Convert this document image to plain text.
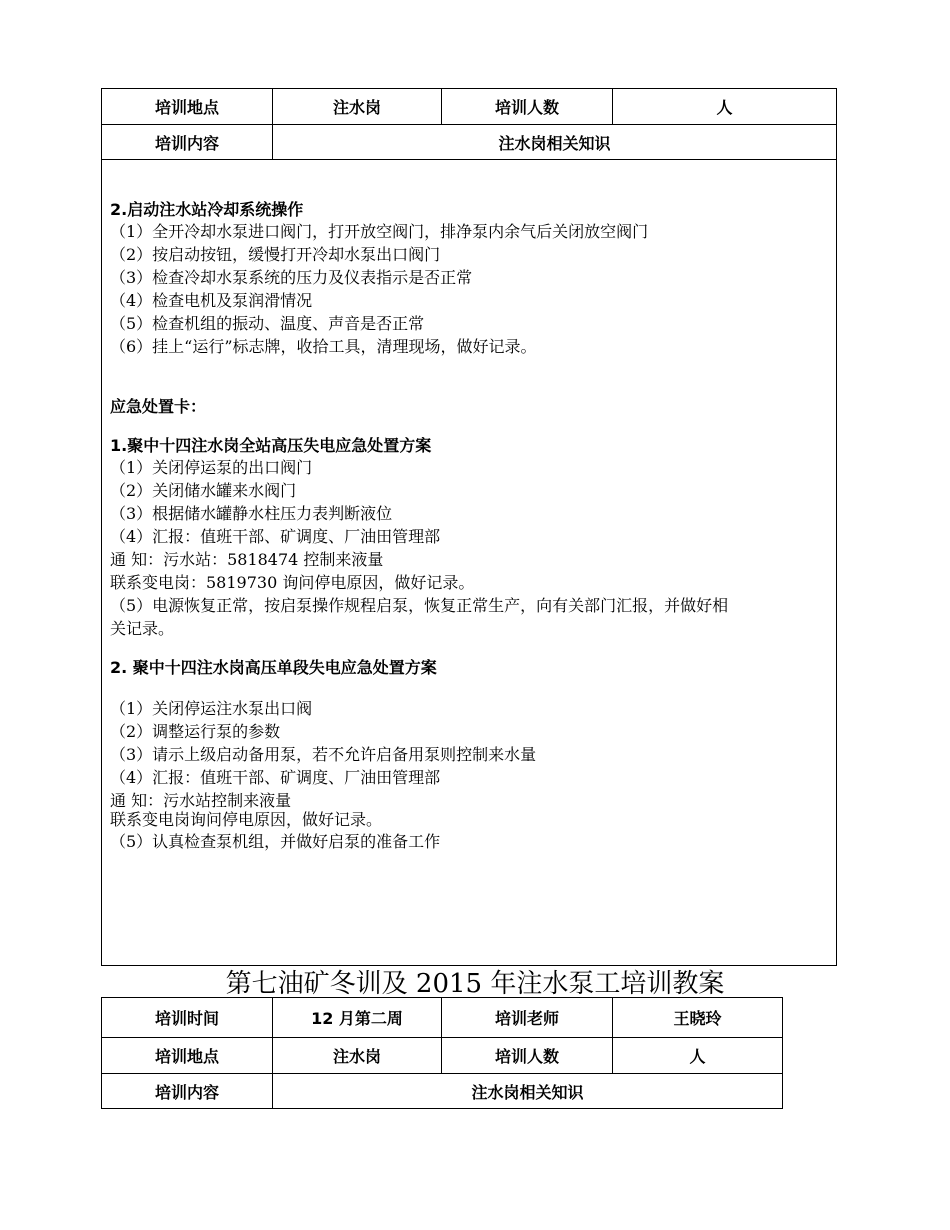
培训地点	注水岗	培训人数	人
培训内容	注水岗相关知识
2.启动注水站冷却系统操作
（1）全开冷却水泵进口阀门，打开放空阀门，排净泵内余气后关闭放空阀门
（2）按启动按钮，缓慢打开冷却水泵出口阀门
（3）检查冷却水泵系统的压力及仪表指示是否正常
（4）检查电机及泵润滑情况
（5）检查机组的振动、温度、声音是否正常
（6）挂上“运行”标志牌，收拾工具，清理现场，做好记录。
应急处置卡：
1.聚中十四注水岗全站高压失电应急处置方案
（1）关闭停运泵的出口阀门
（2）关闭储水罐来水阀门
（3）根据储水罐静水柱压力表判断液位
（4）汇报：值班干部、矿调度、厂油田管理部
通 知：污水站：5818474 控制来液量
联系变电岗：5819730 询问停电原因，做好记录。
（5）电源恢复正常，按启泵操作规程启泵，恢复正常生产，向有关部门汇报，并做好相
关记录。
2. 聚中十四注水岗高压单段失电应急处置方案
（1）关闭停运注水泵出口阀
（2）调整运行泵的参数
（3）请示上级启动备用泵，若不允许启备用泵则控制来水量
（4）汇报：值班干部、矿调度、厂油田管理部
通 知：污水站控制来液量
联系变电岗询问停电原因，做好记录。
（5）认真检查泵机组，并做好启泵的准备工作
第七油矿冬训及 2015 年注水泵工培训教案
培训时间	12 月第二周	培训老师	王晓玲
培训地点	注水岗	培训人数	人
培训内容	注水岗相关知识
